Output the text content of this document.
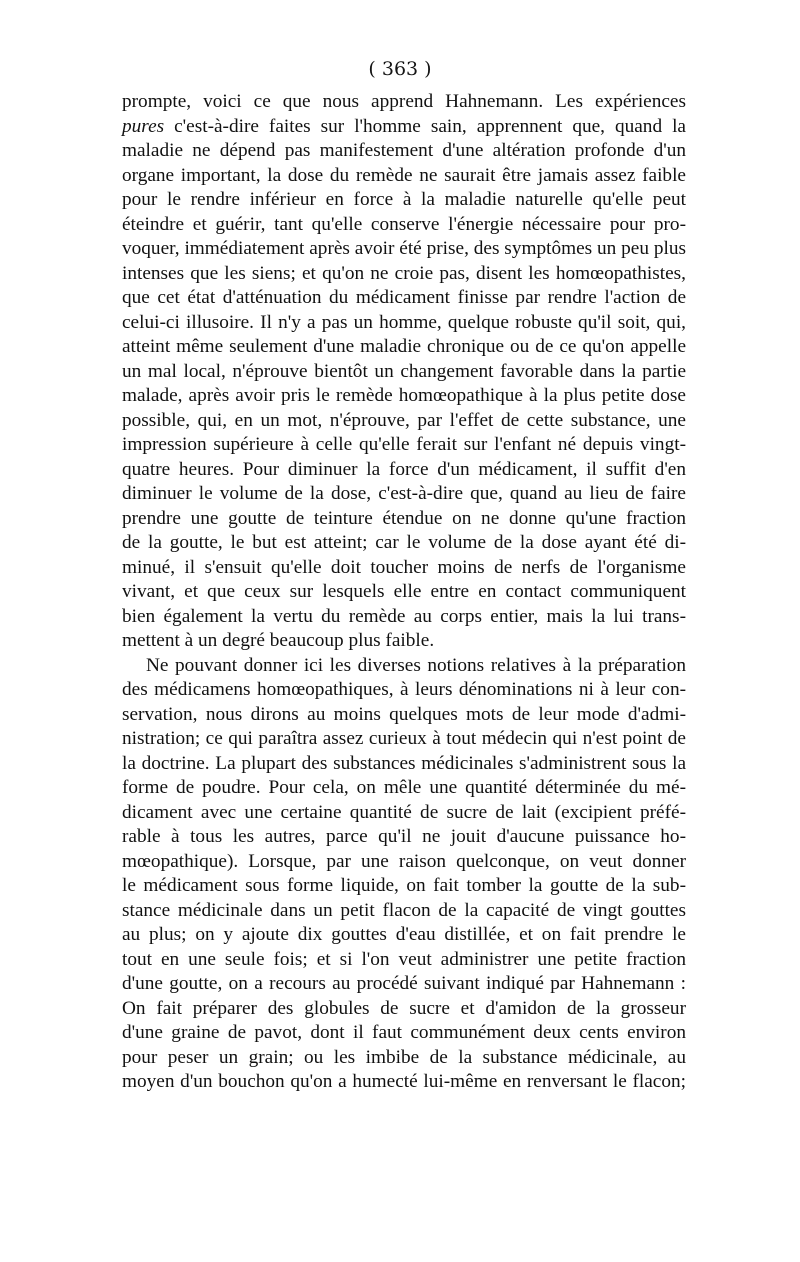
( 363 )

prompte, voici ce que nous apprend Hahnemann. Les expériences
pures c'est-à-dire faites sur l'homme sain, apprennent que, quand la
maladie ne dépend pas manifestement d'une altération profonde d'un
organe important, la dose du remède ne saurait être jamais assez faible
pour le rendre inférieur en force à la maladie naturelle qu'elle peut
éteindre et guérir, tant qu'elle conserve l'énergie nécessaire pour pro-
voquer, immédiatement après avoir été prise, des symptômes un peu plus
intenses que les siens; et qu'on ne croie pas, disent les homœopathistes,
que cet état d'atténuation du médicament finisse par rendre l'action de
celui-ci illusoire. Il n'y a pas un homme, quelque robuste qu'il soit, qui,
atteint même seulement d'une maladie chronique ou de ce qu'on appelle
un mal local, n'éprouve bientôt un changement favorable dans la partie
malade, après avoir pris le remède homœopathique à la plus petite dose
possible, qui, en un mot, n'éprouve, par l'effet de cette substance, une
impression supérieure à celle qu'elle ferait sur l'enfant né depuis vingt-
quatre heures. Pour diminuer la force d'un médicament, il suffit d'en
diminuer le volume de la dose, c'est-à-dire que, quand au lieu de faire
prendre une goutte de teinture étendue on ne donne qu'une fraction
de la goutte, le but est atteint; car le volume de la dose ayant été di-
minué, il s'ensuit qu'elle doit toucher moins de nerfs de l'organisme
vivant, et que ceux sur lesquels elle entre en contact communiquent
bien également la vertu du remède au corps entier, mais la lui trans-
mettent à un degré beaucoup plus faible.
Ne pouvant donner ici les diverses notions relatives à la préparation
des médicamens homœopathiques, à leurs dénominations ni à leur con-
servation, nous dirons au moins quelques mots de leur mode d'admi-
nistration; ce qui paraîtra assez curieux à tout médecin qui n'est point de
la doctrine. La plupart des substances médicinales s'administrent sous la
forme de poudre. Pour cela, on mêle une quantité déterminée du mé-
dicament avec une certaine quantité de sucre de lait (excipient préfé-
rable à tous les autres, parce qu'il ne jouit d'aucune puissance ho-
mœopathique). Lorsque, par une raison quelconque, on veut donner
le médicament sous forme liquide, on fait tomber la goutte de la sub-
stance médicinale dans un petit flacon de la capacité de vingt gouttes
au plus; on y ajoute dix gouttes d'eau distillée, et on fait prendre le
tout en une seule fois; et si l'on veut administrer une petite fraction
d'une goutte, on a recours au procédé suivant indiqué par Hahnemann :
On fait préparer des globules de sucre et d'amidon de la grosseur
d'une graine de pavot, dont il faut communément deux cents environ
pour peser un grain; ou les imbibe de la substance médicinale, au
moyen d'un bouchon qu'on a humecté lui-même en renversant le flacon;
